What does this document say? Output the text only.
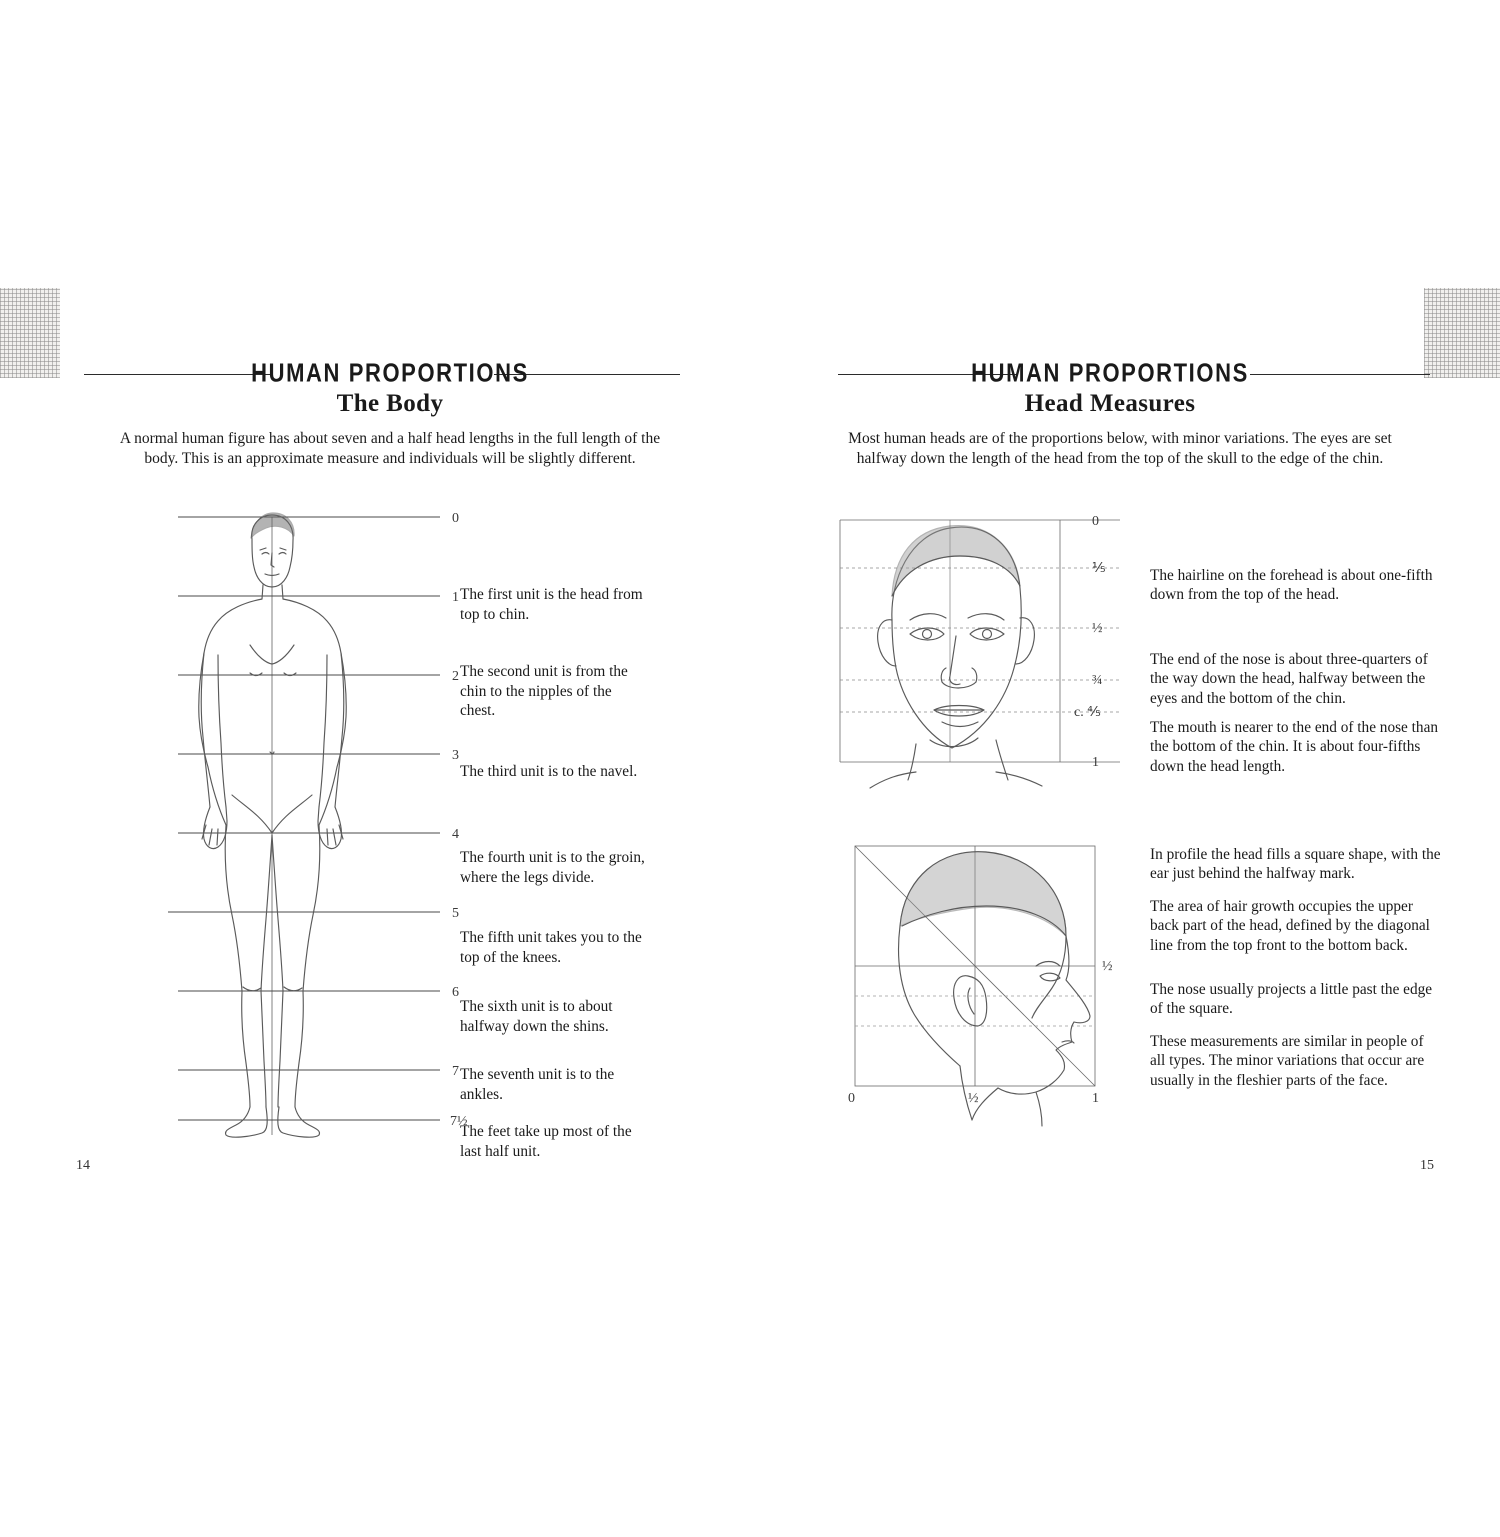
HUMAN PROPORTIONS
The Body
A normal human figure has about seven and a half head lengths in the full length of the body. This is an approximate measure and individuals will be slightly different.
0
1
2
3
4
5
6
7
7½
The first unit is the head from top to chin.
The second unit is from the chin to the nipples of the chest.
The third unit is to the navel.
The fourth unit is to the groin, where the legs divide.
The fifth unit takes you to the top of the knees.
The sixth unit is to about halfway down the shins.
The seventh unit is to the ankles.
The feet take up most of the last half unit.
14
HUMAN PROPORTIONS
Head Measures
Most human heads are of the proportions below, with minor variations. The eyes are set halfway down the length of the head from the top of the skull to the edge of the chin.
0
⅕
½
¾
c. ⅘
1
The hairline on the forehead is about one-fifth down from the top of the head.
The end of the nose is about three-quarters of the way down the head, halfway between the eyes and the bottom of the chin.
The mouth is nearer to the end of the nose than the bottom of the chin. It is about four-fifths down the head length.
0	½	1
½
In profile the head fills a square shape, with the ear just behind the halfway mark.
The area of hair growth occupies the upper back part of the head, defined by the diagonal line from the top front to the bottom back.
The nose usually projects a little past the edge of the square.
These measurements are similar in people of all types. The minor variations that occur are usually in the fleshier parts of the face.
15
